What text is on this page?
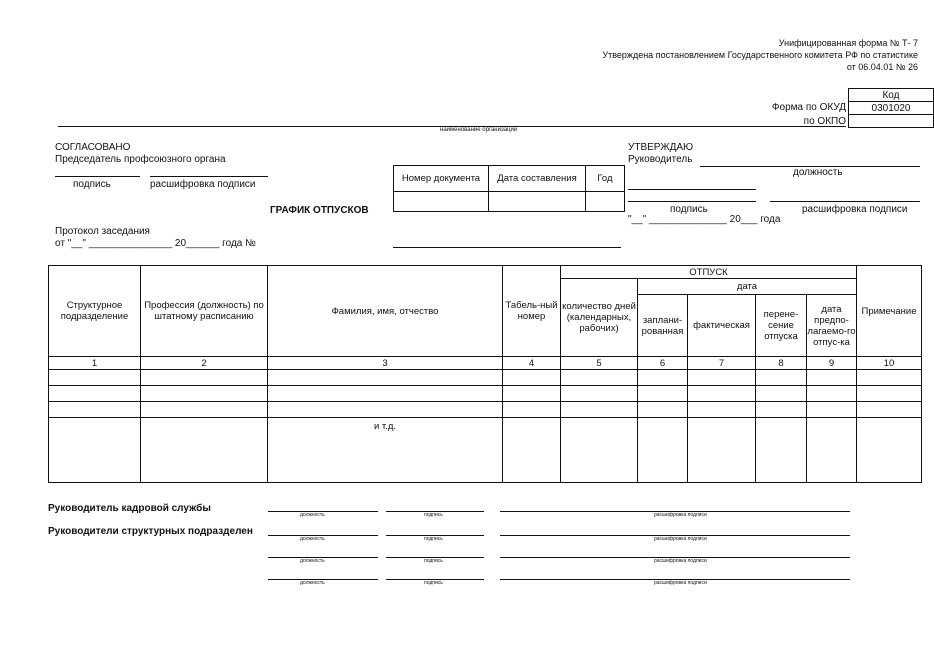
Унифицированная форма № Т- 7
Утверждена постановлением Государственного комитета РФ по статистике
от 06.04.01 № 26
Форма по ОКУД
по ОКПО
Код
0301020

наименование организации
СОГЛАСОВАНО
Председатель профсоюзного органа
подпись	расшифровка подписи
Протокол заседания
от "__" _______________ 20______ года №
Номер документа	Дата составления	Год

ГРАФИК ОТПУСКОВ
УТВЕРЖДАЮ
Руководитель
должность
подпись	расшифровка подписи
"__" ______________ 20___ года
Структурное подразделение	Профессия (должность) по штатному расписанию	Фамилия, имя, отчество	Табель-ный номер	ОТПУСК					Примечание
				количество дней (календарных, рабочих)	дата				
					заплани-рованная	фактическая	перене-сение отпуска	дата предпо-лагаемо-го отпус-ка	
1	2	3	4	5	6	7	8	9	10

		и т.д.							
Руководитель кадровой службы
Руководители структурных подразделен
должность	подпись	расшифровка подписи
должность	подпись	расшифровка подписи
должность	подпись	расшифровка подписи
должность	подпись	расшифровка подписи
